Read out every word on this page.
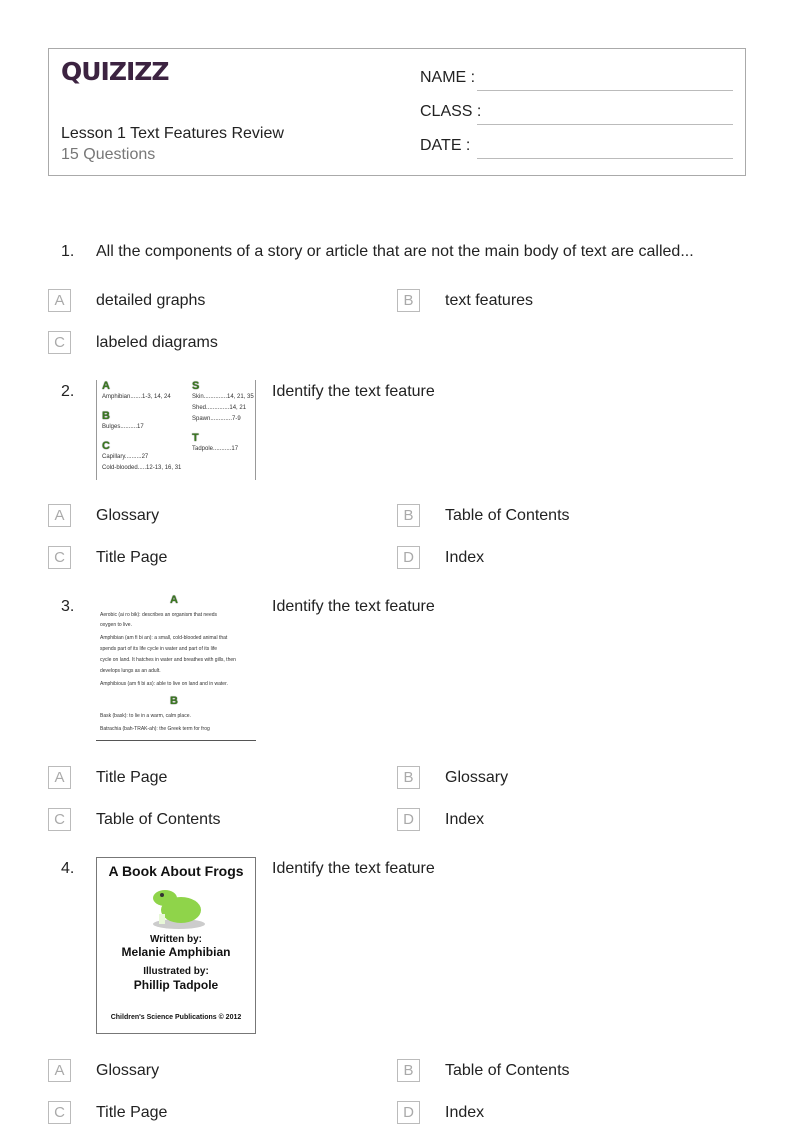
QUIZIZZ
Lesson 1 Text Features Review
15 Questions
NAME :
CLASS :
DATE :
1. All the components of a story or article that are not the main body of text are called...
A	detailed graphs	B	text features
C	labeled diagrams
2.	A
Amphibian.......1-3, 14, 24
B
Bulges..........17
C
Capillary..........27
Cold-blooded.....12-13, 16, 31
S
Skin..............14, 21, 35
Shed..............14, 21
Spawn.............7-9
T
Tadpole...........17
Identify the text feature
A	Glossary	B	Table of Contents
C	Title Page	D	Index
3.	A
Aerobic (ai ro bik): describes an organism that needs
oxygen to live.
Amphibian (am fi bi an): a small, cold-blooded animal that
spends part of its life cycle in water and part of its life
cycle on land. It hatches in water and breathes with gills, then
develops lungs as an adult.
Amphibious (am fi bi as): able to live on land and in water.
B
Bask (bask): to lie in a warm, calm place.
Batrachia (bah-TRAK-ah): the Greek term for frog
Identify the text feature
A	Title Page	B	Glossary
C	Table of Contents	D	Index
4.	A Book About Frogs
Written by:
Melanie Amphibian
Illustrated by:
Phillip Tadpole
Children's Science Publications © 2012
Identify the text feature
A	Glossary	B	Table of Contents
C	Title Page	D	Index
